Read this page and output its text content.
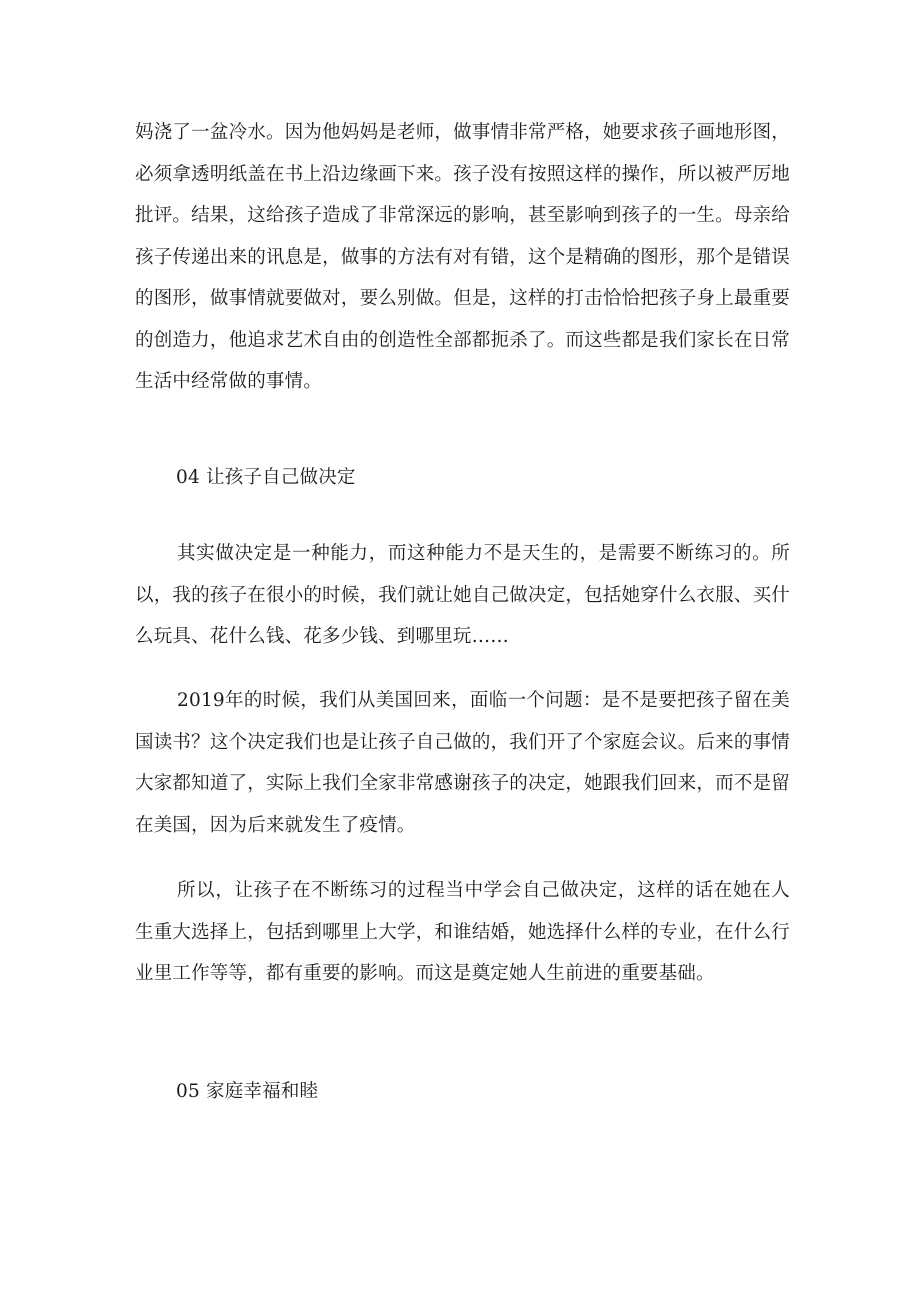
妈浇了一盆冷水。因为他妈妈是老师，做事情非常严格，她要求孩子画地形图，必须拿透明纸盖在书上沿边缘画下来。孩子没有按照这样的操作，所以被严厉地批评。结果，这给孩子造成了非常深远的影响，甚至影响到孩子的一生。母亲给孩子传递出来的讯息是，做事的方法有对有错，这个是精确的图形，那个是错误的图形，做事情就要做对，要么别做。但是，这样的打击恰恰把孩子身上最重要的创造力，他追求艺术自由的创造性全部都扼杀了。而这些都是我们家长在日常生活中经常做的事情。

04 让孩子自己做决定

其实做决定是一种能力，而这种能力不是天生的，是需要不断练习的。所以，我的孩子在很小的时候，我们就让她自己做决定，包括她穿什么衣服、买什么玩具、花什么钱、花多少钱、到哪里玩……

2019年的时候，我们从美国回来，面临一个问题：是不是要把孩子留在美国读书？这个决定我们也是让孩子自己做的，我们开了个家庭会议。后来的事情大家都知道了，实际上我们全家非常感谢孩子的决定，她跟我们回来，而不是留在美国，因为后来就发生了疫情。

所以，让孩子在不断练习的过程当中学会自己做决定，这样的话在她在人生重大选择上，包括到哪里上大学，和谁结婚，她选择什么样的专业，在什么行业里工作等等，都有重要的影响。而这是奠定她人生前进的重要基础。

05 家庭幸福和睦
